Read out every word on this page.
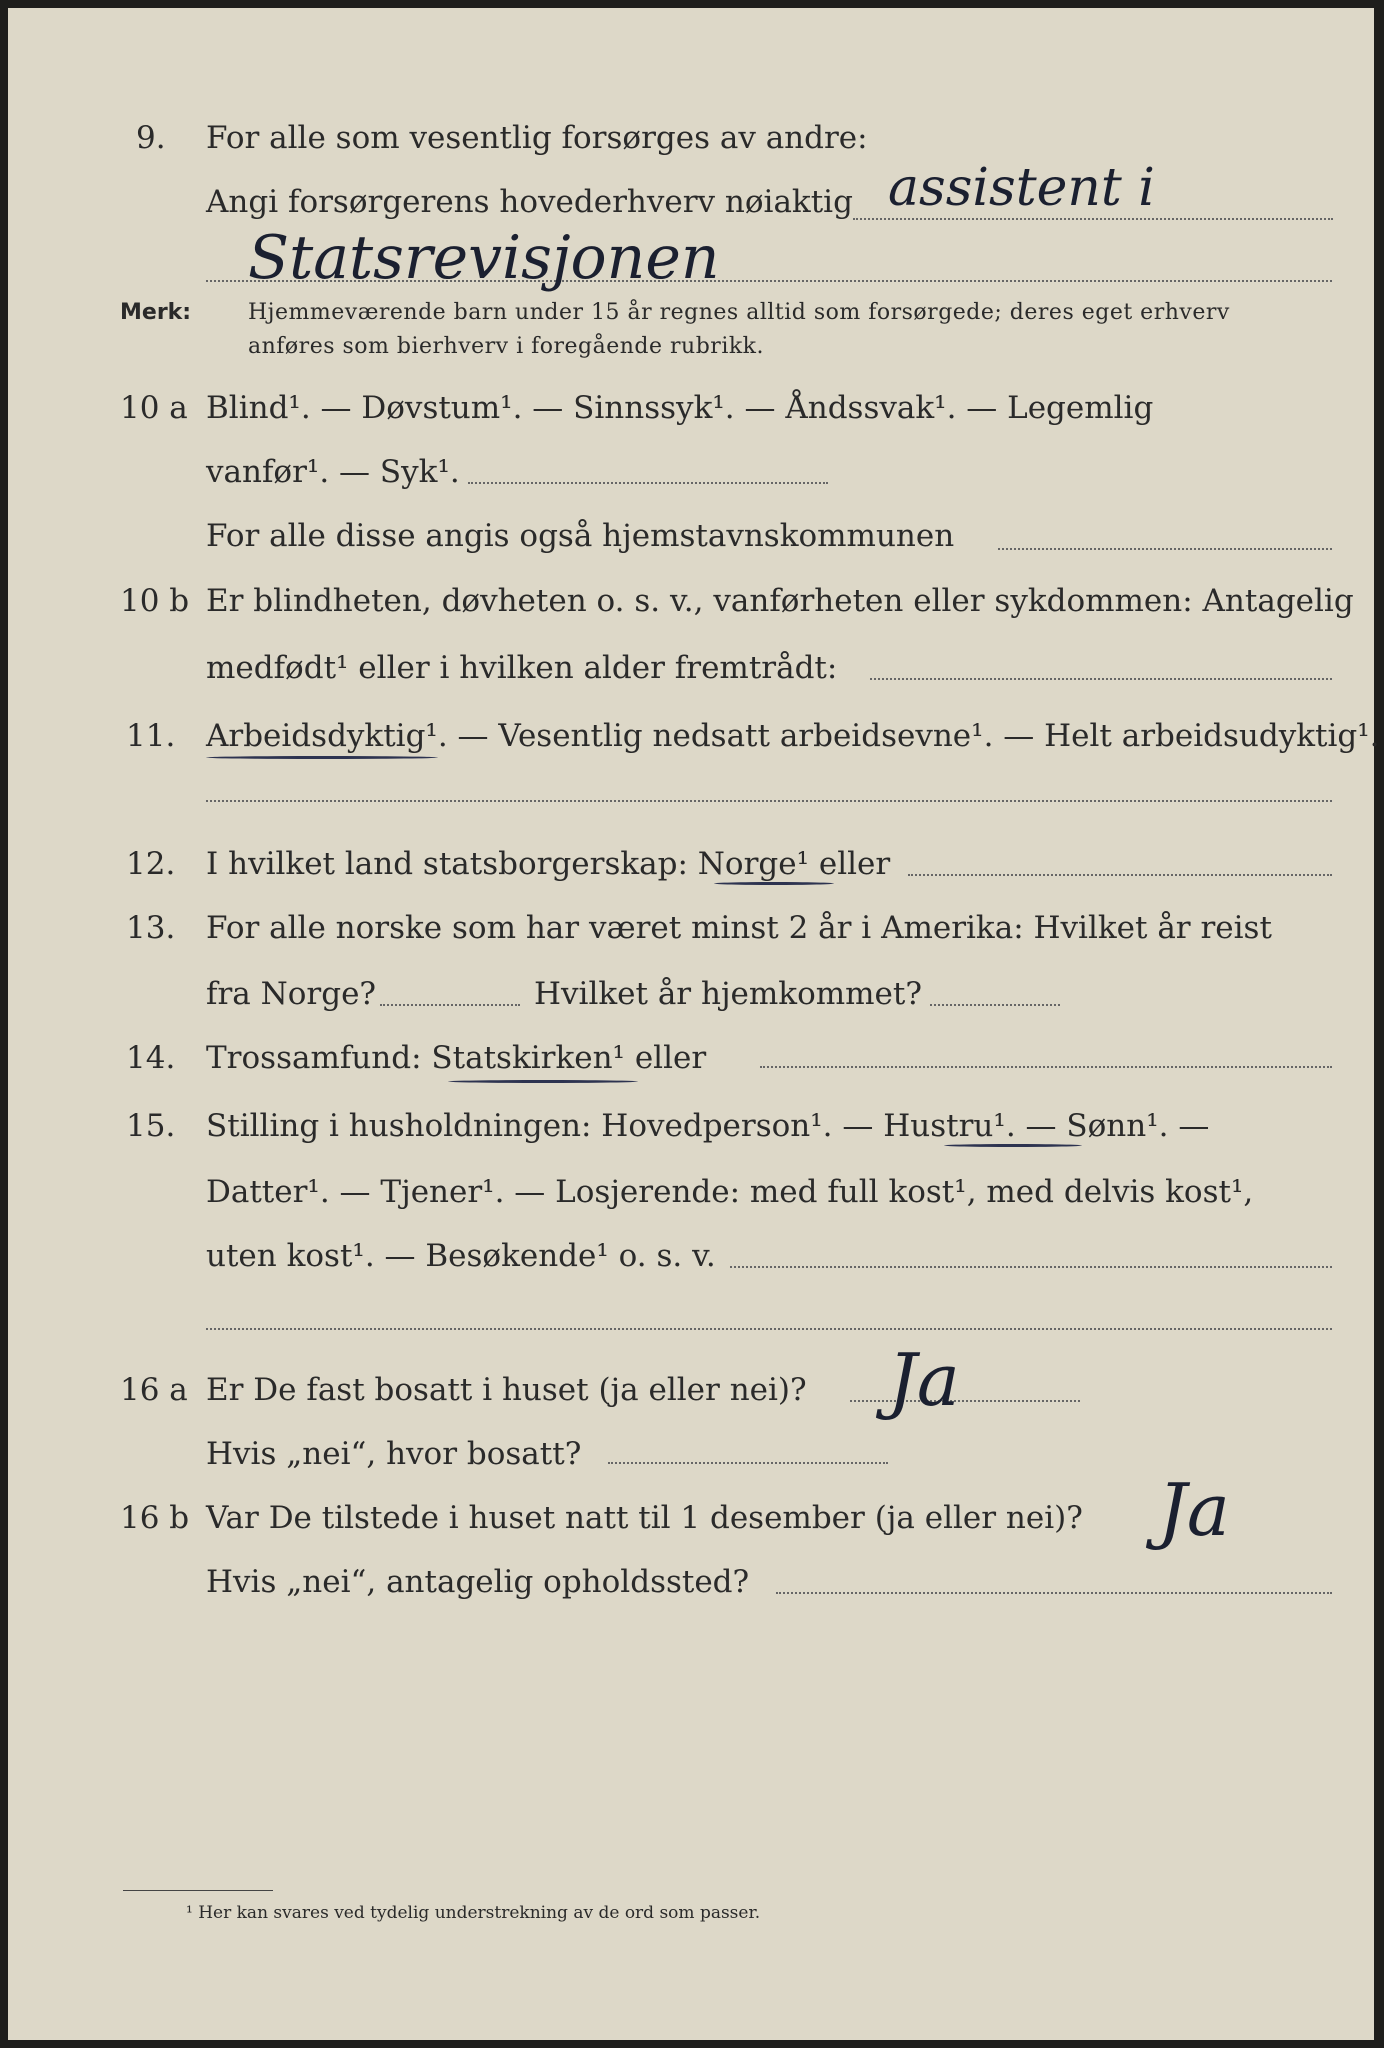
9. For alle som vesentlig forsørges av andre:
Angi forsørgerens hovederhverv nøiaktig assistent i
Statsrevisjonen
Merk:	Hjemmeværende barn under 15 år regnes alltid som forsørgede; deres eget erhverv
anføres som bierhverv i foregående rubrikk.
10 a Blind¹. — Døvstum¹. — Sinnssyk¹. — Åndssvak¹. — Legemlig
vanfør¹. — Syk¹.
For alle disse angis også hjemstavnskommunen
10 b Er blindheten, døvheten o. s. v., vanførheten eller sykdommen: Antagelig
medfødt¹ eller i hvilken alder fremtrådt:
11. Arbeidsdyktig¹. — Vesentlig nedsatt arbeidsevne¹. — Helt arbeidsudyktig¹.
12. I hvilket land statsborgerskap: Norge¹ eller
13. For alle norske som har været minst 2 år i Amerika: Hvilket år reist
fra Norge?	Hvilket år hjemkommet?
14. Trossamfund: Statskirken¹ eller
15. Stilling i husholdningen: Hovedperson¹. — Hustru¹. — Sønn¹. —
Datter¹. — Tjener¹. — Losjerende: med full kost¹, med delvis kost¹,
uten kost¹. — Besøkende¹ o. s. v.
16 a Er De fast bosatt i huset (ja eller nei)? Ja
Hvis „nei“, hvor bosatt?
16 b Var De tilstede i huset natt til 1 desember (ja eller nei)? Ja
Hvis „nei“, antagelig opholdssted?
¹ Her kan svares ved tydelig understrekning av de ord som passer.
